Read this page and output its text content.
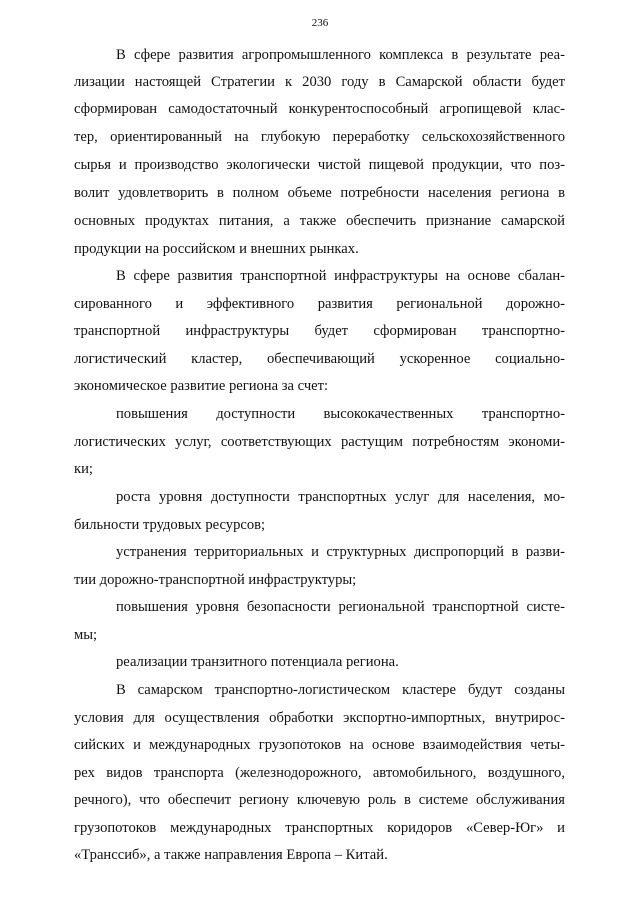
236
В сфере развития агропромышленного комплекса в результате реа-
лизации настоящей Стратегии к 2030 году в Самарской области будет
сформирован самодостаточный конкурентоспособный агропищевой клас-
тер, ориентированный на глубокую переработку сельскохозяйственного
сырья и производство экологически чистой пищевой продукции, что поз-
волит удовлетворить в полном объеме потребности населения региона в
основных продуктах питания, а также обеспечить признание самарской
продукции на российском и внешних рынках.
В сфере развития транспортной инфраструктуры на основе сбалан-
сированного и эффективного развития региональной дорожно-
транспортной инфраструктуры будет сформирован транспортно-
логистический кластер, обеспечивающий ускоренное социально-
экономическое развитие региона за счет:
повышения доступности высококачественных транспортно-
логистических услуг, соответствующих растущим потребностям экономи-
ки;
роста уровня доступности транспортных услуг для населения, мо-
бильности трудовых ресурсов;
устранения территориальных и структурных диспропорций в разви-
тии дорожно-транспортной инфраструктуры;
повышения уровня безопасности региональной транспортной систе-
мы;
реализации транзитного потенциала региона.
В самарском транспортно-логистическом кластере будут созданы
условия для осуществления обработки экспортно-импортных, внутрирос-
сийских и международных грузопотоков на основе взаимодействия четы-
рех видов транспорта (железнодорожного, автомобильного, воздушного,
речного), что обеспечит региону ключевую роль в системе обслуживания
грузопотоков международных транспортных коридоров «Север-Юг» и
«Транссиб», а также направления Европа – Китай.
